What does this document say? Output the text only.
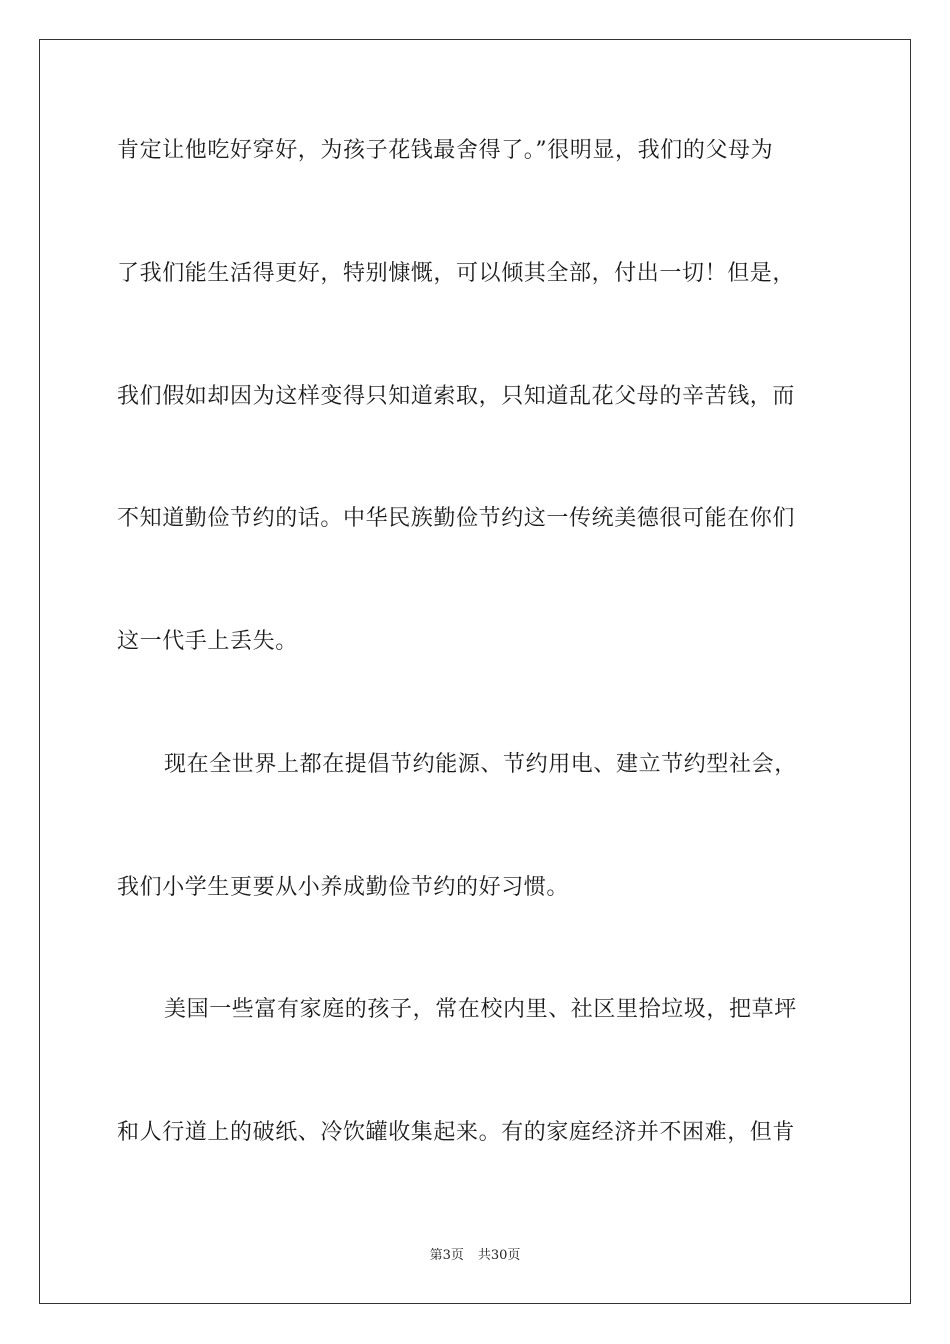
肯定让他吃好穿好，为孩子花钱最舍得了。”很明显，我们的父母为
了我们能生活得更好，特别慷慨，可以倾其全部，付出一切！但是，
我们假如却因为这样变得只知道索取，只知道乱花父母的辛苦钱，而
不知道勤俭节约的话。中华民族勤俭节约这一传统美德很可能在你们
这一代手上丢失。
现在全世界上都在提倡节约能源、节约用电、建立节约型社会，
我们小学生更要从小养成勤俭节约的好习惯。
美国一些富有家庭的孩子，常在校内里、社区里拾垃圾，把草坪
和人行道上的破纸、冷饮罐收集起来。有的家庭经济并不困难，但肯
第3页 共30页
